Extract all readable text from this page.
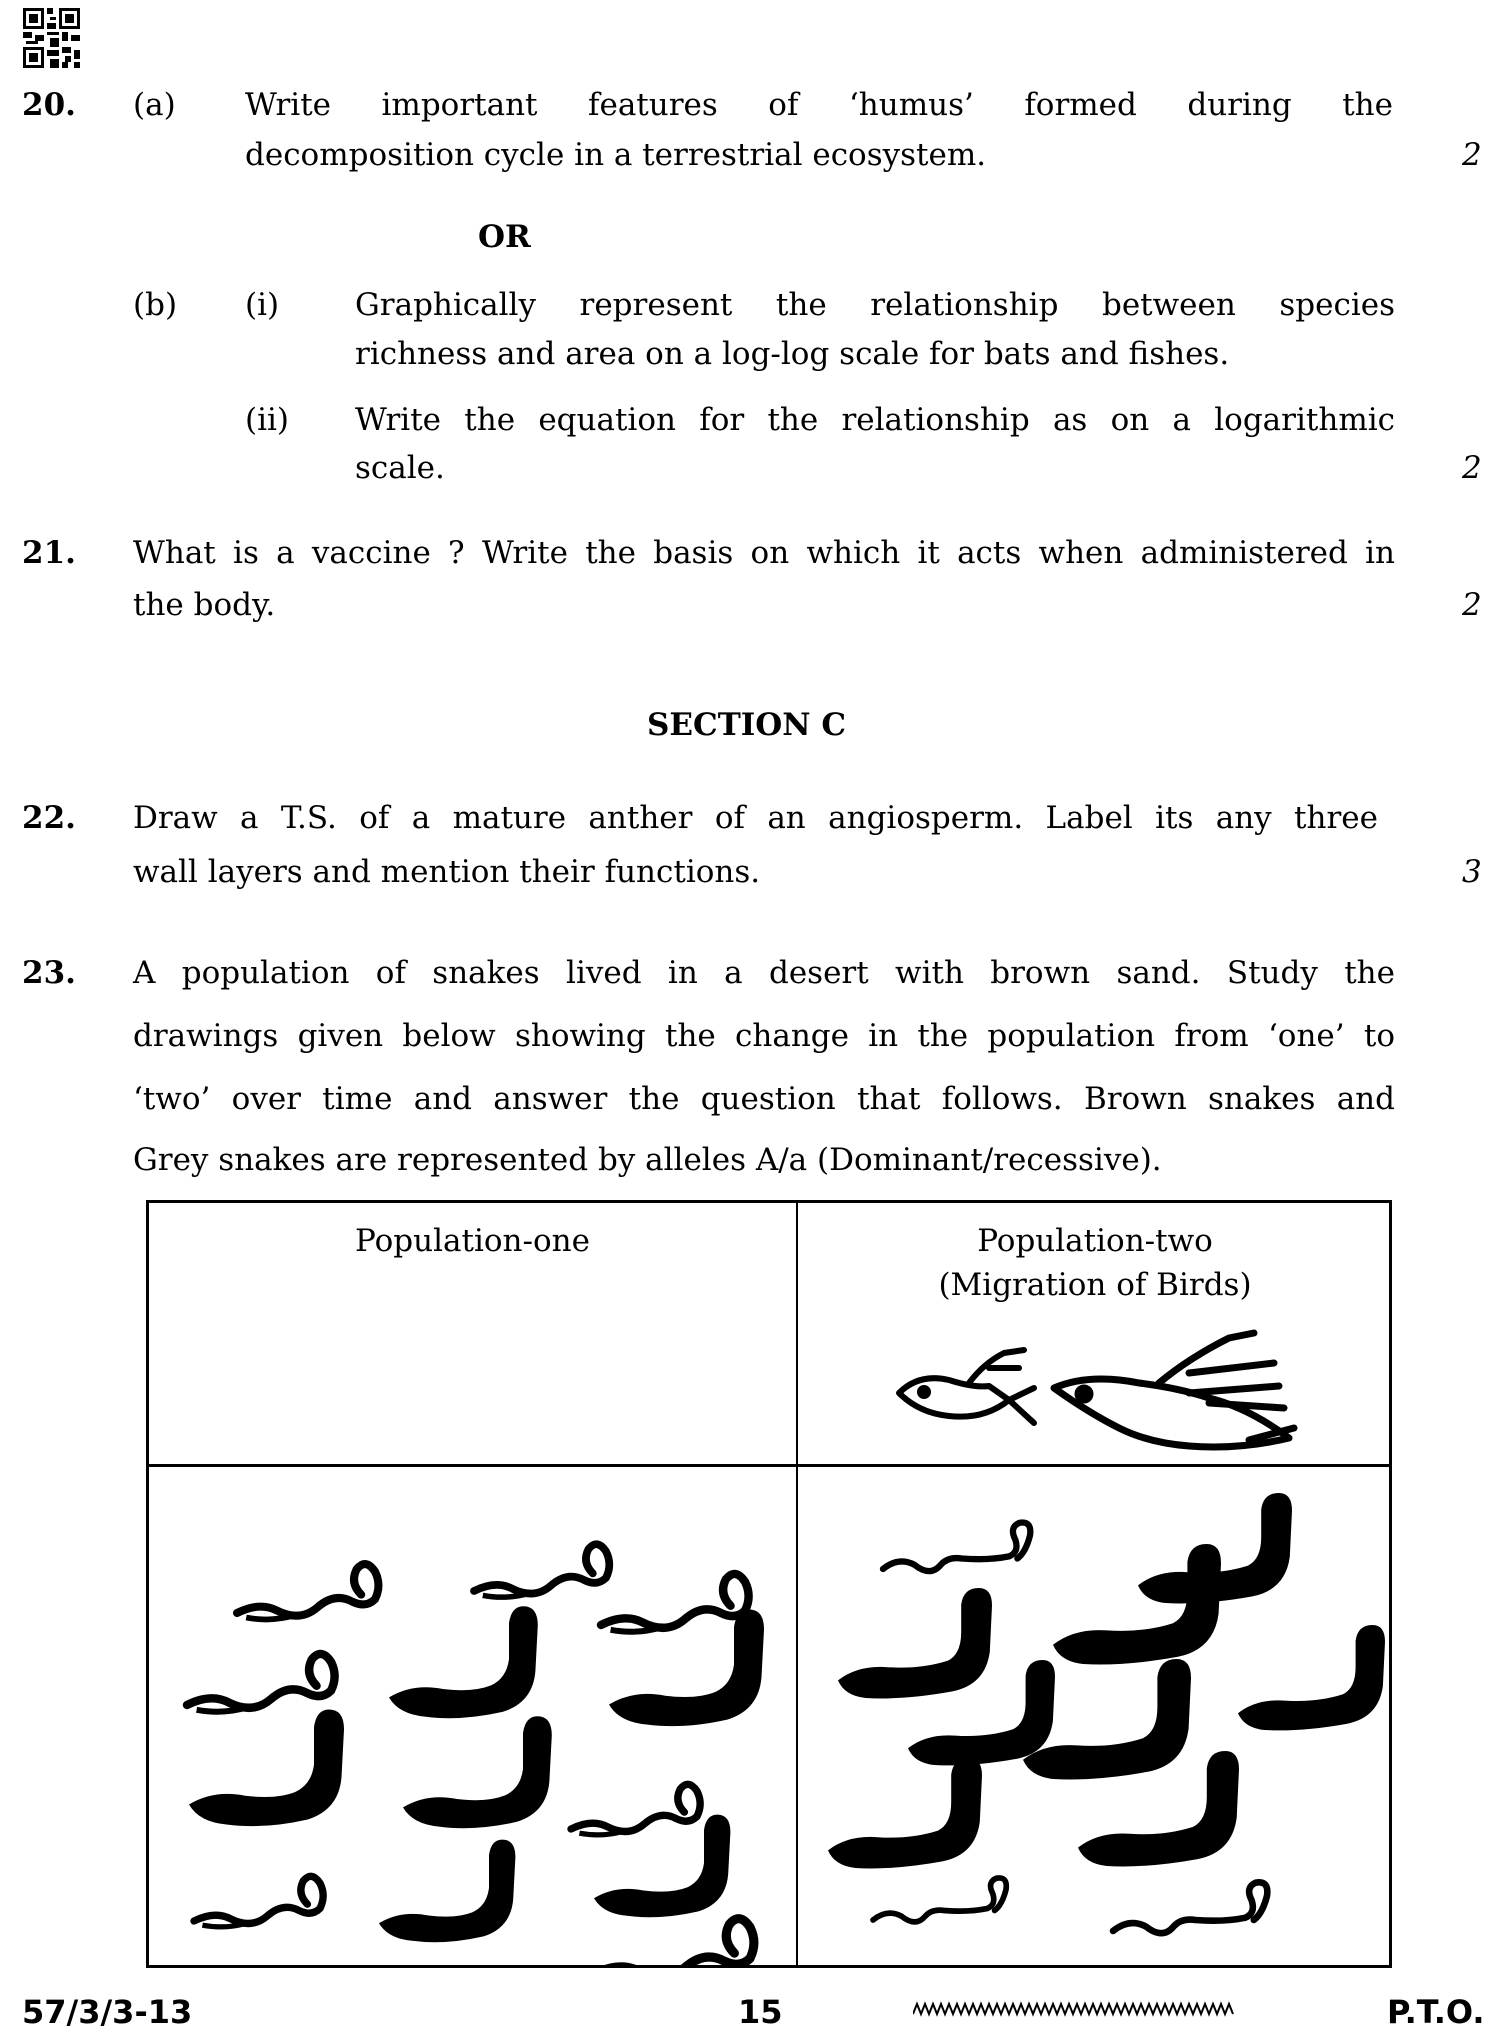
20. (a) Write important features of ‘humus’ formed during the
decomposition cycle in a terrestrial ecosystem.	2
OR
(b) (i) Graphically represent the relationship between species
richness and area on a log-log scale for bats and fishes.
(ii) Write the equation for the relationship as on a logarithmic
scale.	2
21. What is a vaccine ? Write the basis on which it acts when administered in
the body.	2
SECTION C
22. Draw a T.S. of a mature anther of an angiosperm. Label its any three
wall layers and mention their functions.	3
23. A population of snakes lived in a desert with brown sand. Study the
drawings given below showing the change in the population from ‘one’ to
‘two’ over time and answer the question that follows. Brown snakes and
Grey snakes are represented by alleles A/a (Dominant/recessive).
Population-one	Population-two
(Migration of Birds)
57/3/3-13	15	P.T.O.
